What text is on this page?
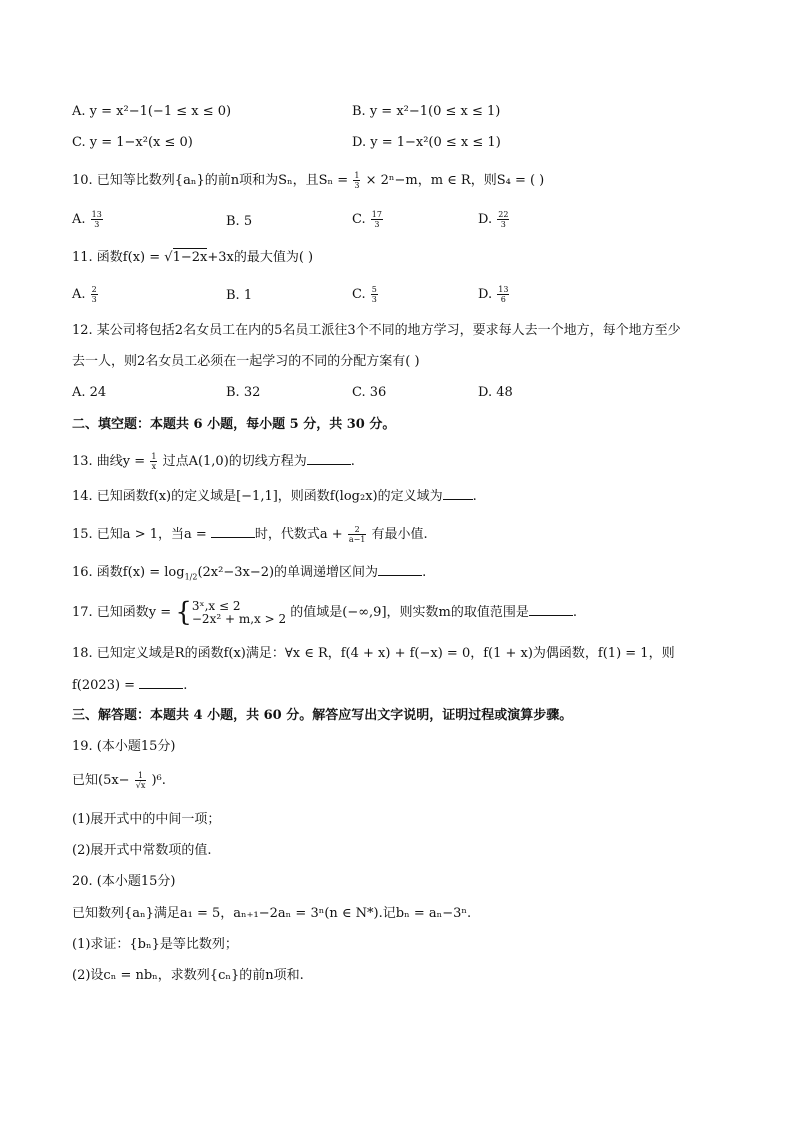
A. y = x²−1(−1 ≤ x ≤ 0)	B. y = x²−1(0 ≤ x ≤ 1)
C. y = 1−x²(x ≤ 0)	D. y = 1−x²(0 ≤ x ≤ 1)
10. 已知等比数列{aₙ}的前n项和为Sₙ，且$S_n = \frac{1}{3} \times 2^n-m$，m ∈ R，则S₄ = ( )
A. $\frac{13}{3}$	B. 5	C. $\frac{17}{3}$	D. $\frac{22}{3}$
11. 函数f(x) = √1−2x+3x的最大值为( )
A. $\frac{2}{3}$	B. 1	C. $\frac{5}{3}$	D. $\frac{13}{6}$
12. 某公司将包括2名女员工在内的5名员工派往3个不同的地方学习，要求每人去一个地方，每个地方至少
去一人，则2名女员工必须在一起学习的不同的分配方案有( )
A. 24	B. 32	C. 36	D. 48
二、填空题：本题共 6 小题，每小题 5 分，共 30 分。
13. 曲线$y = \frac{1}{x}$ 过点A(1,0)的切线方程为	.
14. 已知函数f(x)的定义域是[−1,1]，则函数f(log₂x)的定义域为 .
15. 已知a > 1，当a =	时，代数式$a + \frac{2}{a-1}$ 有最小值.
16. 函数$f(x) = \log_{1/2}(2x^2-3x-2)$的单调递增区间为	.
17. 已知函数y = { 3ˣ,x ≤ 2
−2x² + m,x > 2 的值域是(−∞,9]，则实数m的取值范围是	.
18. 已知定义域是R的函数f(x)满足：∀x ∈ R，f(4 + x) + f(−x) = 0，f(1 + x)为偶函数，f(1) = 1，则
f(2023) =	.
三、解答题：本题共 4 小题，共 60 分。解答应写出文字说明，证明过程或演算步骤。
19. (本小题15分)
已知$(5x- \frac{1}{√x} )^6$.
(1)展开式中的中间一项；
(2)展开式中常数项的值.
20. (本小题15分)
已知数列{aₙ}满足a₁ = 5，aₙ₊₁−2aₙ = 3ⁿ(n ∈ N*).记bₙ = aₙ−3ⁿ.
(1)求证：{bₙ}是等比数列；
(2)设cₙ = nbₙ，求数列{cₙ}的前n项和.
